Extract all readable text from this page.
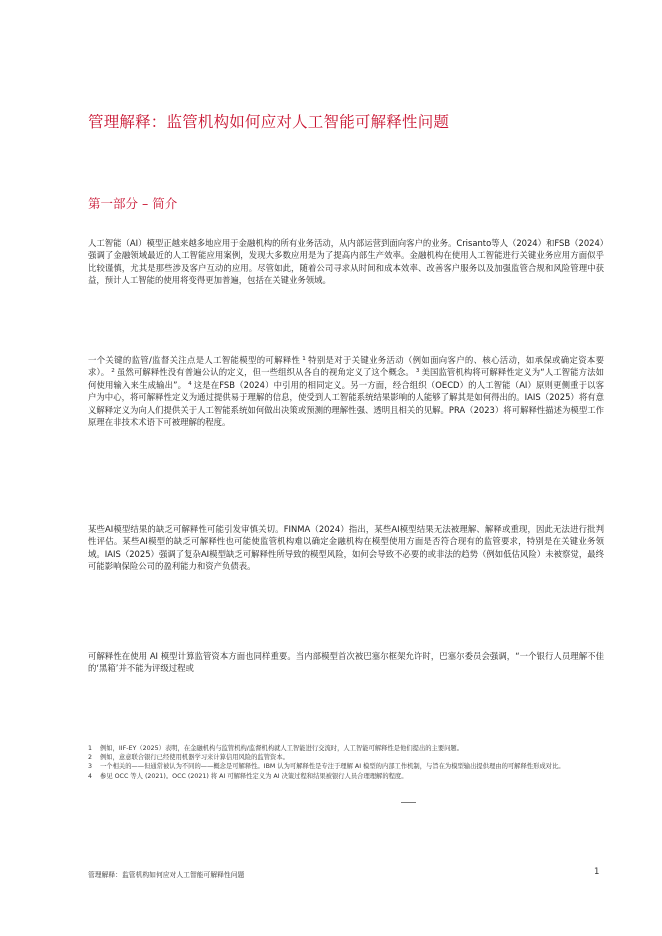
管理解释：监管机构如何应对人工智能可解释性问题
第一部分 – 简介
人工智能（AI）模型正越来越多地应用于金融机构的所有业务活动，从内部运营到面向客户的业务。Crisanto等人（2024）和FSB（2024）强调了金融领域最近的人工智能应用案例，发现大多数应用是为了提高内部生产效率。金融机构在使用人工智能进行关键业务应用方面似乎比较谨慎，尤其是那些涉及客户互动的应用。尽管如此，随着公司寻求从时间和成本效率、改善客户服务以及加强监管合规和风险管理中获益，预计人工智能的使用将变得更加普遍，包括在关键业务领域。
一个关键的监管/监督关注点是人工智能模型的可解释性 $^1$ 特别是对于关键业务活动（例如面向客户的、核心活动，如承保或确定资本要求）。 $^2$ 虽然可解释性没有普遍公认的定义，但一些组织从各自的视角定义了这个概念。 $^3$ 美国监管机构将可解释性定义为“人工智能方法如何使用输入来生成输出”。 $^4$ 这是在FSB（2024）中引用的相同定义。另一方面，经合组织（OECD）的人工智能（AI）原则更侧重于以客户为中心，将可解释性定义为通过提供易于理解的信息，使受到人工智能系统结果影响的人能够了解其是如何得出的。IAIS（2025）将有意义解释定义为向人们提供关于人工智能系统如何做出决策或预测的理解性强、透明且相关的见解。PRA（2023）将可解释性描述为模型工作原理在非技术术语下可被理解的程度。
某些AI模型结果的缺乏可解释性可能引发审慎关切。FINMA（2024）指出，某些AI模型结果无法被理解、解释或重现，因此无法进行批判性评估。某些AI模型的缺乏可解释性也可能使监管机构难以确定金融机构在模型使用方面是否符合现有的监管要求，特别是在关键业务领域。IAIS（2025）强调了复杂AI模型缺乏可解释性所导致的模型风险，如何会导致不必要的或非法的趋势（例如低估风险）未被察觉，最终可能影响保险公司的盈利能力和资产负债表。
可解释性在使用 AI 模型计算监管资本方面也同样重要。当内部模型首次被巴塞尔框架允许时，巴塞尔委员会强调，“一个银行人员理解不佳的‘黑箱’并不能为评级过程或
1	例如，IIF-EY（2025）表明，在金融机构与监管机构/监督机构就人工智能进行交流时，人工智能可解释性是他们提出的主要问题。
2	例如，意意联合银行已经使用机器学习来计算信用风险的监管资本。
3	一个相关的——但通常被认为不同的——概念是可解释性。IBM 认为可解释性是专注于理解 AI 模型的内部工作机制，与旨在为模型输出提供理由的可解释性形成对比。
4	参见 OCC 等人 (2021)。OCC (2021) 将 AI 可解释性定义为 AI 决策过程和结果被银行人员合理理解的程度。
管理解释：监管机构如何应对人工智能可解释性问题	1
